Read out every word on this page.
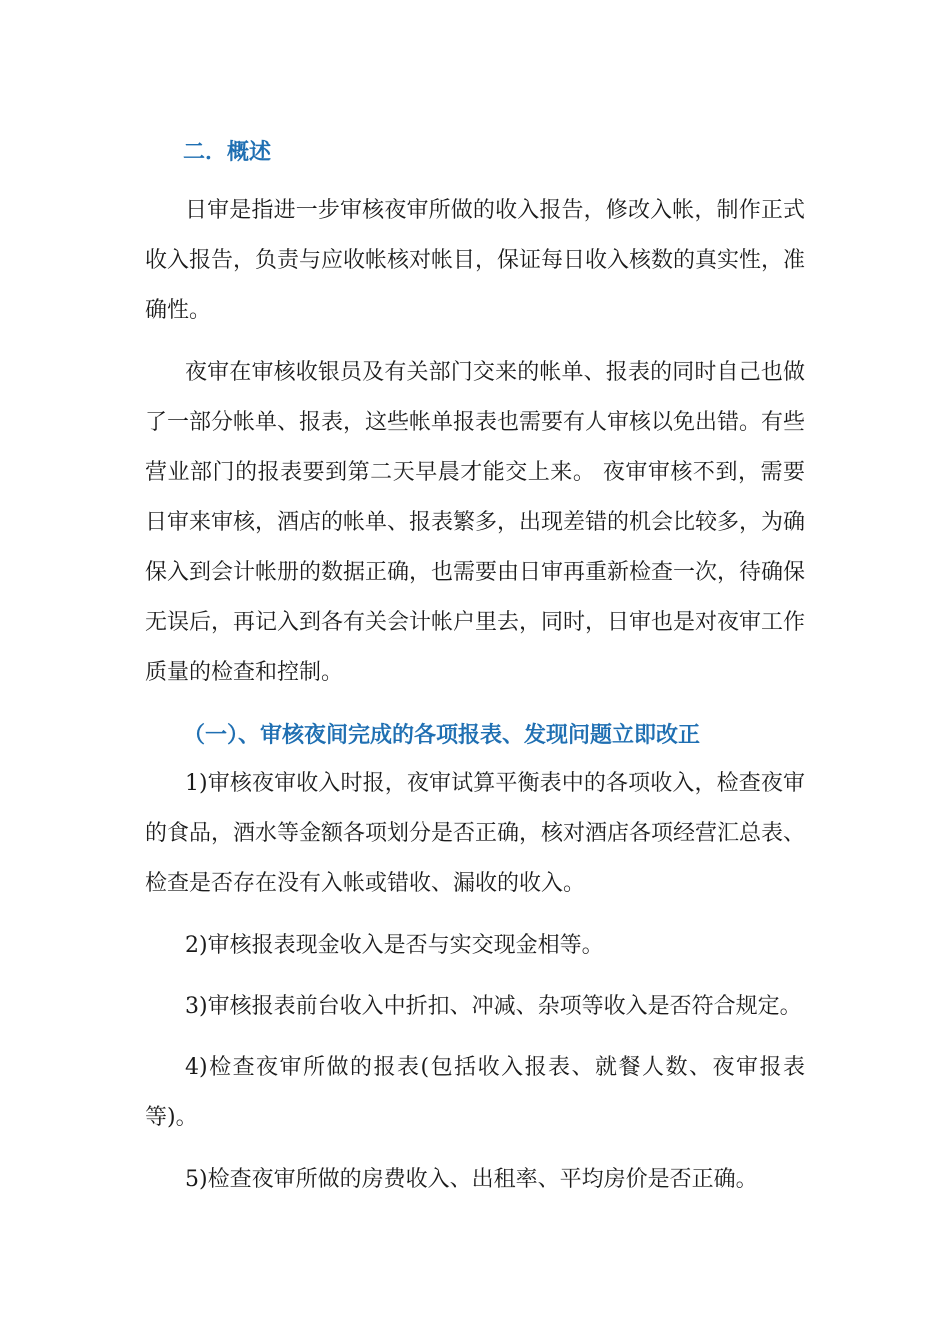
二．概述

日审是指进一步审核夜审所做的收入报告，修改入帐，制作正式收入报告，负责与应收帐核对帐目，保证每日收入核数的真实性，准确性。

夜审在审核收银员及有关部门交来的帐单、报表的同时自己也做了一部分帐单、报表，这些帐单报表也需要有人审核以免出错。有些营业部门的报表要到第二天早晨才能交上来。 夜审审核不到，需要日审来审核，酒店的帐单、报表繁多，出现差错的机会比较多，为确保入到会计帐册的数据正确，也需要由日审再重新检查一次，待确保无误后，再记入到各有关会计帐户里去，同时，日审也是对夜审工作质量的检查和控制。

（一）、审核夜间完成的各项报表、发现问题立即改正

1)审核夜审收入时报，夜审试算平衡表中的各项收入，检查夜审的食品，酒水等金额各项划分是否正确，核对酒店各项经营汇总表、检查是否存在没有入帐或错收、漏收的收入。

2)审核报表现金收入是否与实交现金相等。

3)审核报表前台收入中折扣、冲减、杂项等收入是否符合规定。

4)检查夜审所做的报表(包括收入报表、就餐人数、夜审报表等)。

5)检查夜审所做的房费收入、出租率、平均房价是否正确。
